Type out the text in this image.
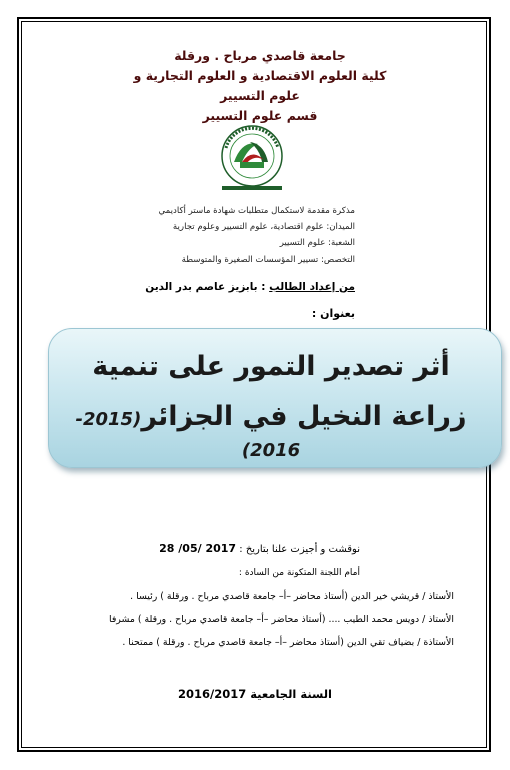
جامعة قاصدي مرباح . ورقلة
كلية العلوم الاقتصادية و العلوم التجارية و علوم التسيير
قسم علوم التسيير
مذكرة مقدمة لاستكمال متطلبات شهادة ماستر أكاديمي
الميدان: علوم اقتصادية، علوم التسيير وعلوم تجارية
الشعبة: علوم التسيير
التخصص: تسيير المؤسسات الصغيرة والمتوسطة
من إعداد الطالب : بابزيز عاصم بدر الدين
بعنوان :
أثر تصدير التمور على تنمية
زراعة النخيل في الجزائر(2015-2016)
نوقشت و أجيزت علنا بتاريخ : 28 /05/ 2017
أمام اللجنة المتكونة من السادة :
الأستاذ / قريشي خير الدين (أستاذ محاضر –أ– جامعة قاصدي مرباح . ورقلة ) رئيسا .
الأستاذ / دويس محمد الطيب .... (أستاذ محاضر –أ– جامعة قاصدي مرباح . ورقلة ) مشرفا
الأستاذة / بضياف تقي الدين (أستاذ محاضر –أ– جامعة قاصدي مرباح . ورقلة ) ممتحنا .
السنة الجامعية 2016/2017
